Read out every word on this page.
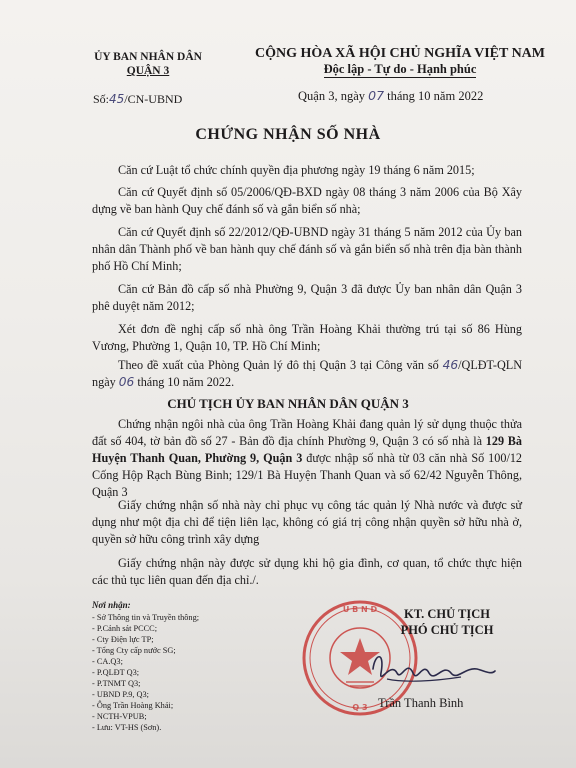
ỦY BAN NHÂN DÂN
QUẬN 3
CỘNG HÒA XÃ HỘI CHỦ NGHĨA VIỆT NAM
Độc lập - Tự do - Hạnh phúc
Số:45/CN-UBND	Quận 3, ngày 07 tháng 10 năm 2022
CHỨNG NHẬN SỐ NHÀ
Căn cứ Luật tổ chức chính quyền địa phương ngày 19 tháng 6 năm 2015;
Căn cứ Quyết định số 05/2006/QĐ-BXD ngày 08 tháng 3 năm 2006 của Bộ Xây dựng về ban hành Quy chế đánh số và gắn biển số nhà;
Căn cứ Quyết định số 22/2012/QĐ-UBND ngày 31 tháng 5 năm 2012 của Ủy ban nhân dân Thành phố về ban hành quy chế đánh số và gắn biển số nhà trên địa bàn thành phố Hồ Chí Minh;
Căn cứ Bản đồ cấp số nhà Phường 9, Quận 3 đã được Ủy ban nhân dân Quận 3 phê duyệt năm 2012;
Xét đơn đề nghị cấp số nhà ông Trần Hoàng Khải thường trú tại số 86 Hùng Vương, Phường 1, Quận 10, TP. Hồ Chí Minh;
Theo đề xuất của Phòng Quản lý đô thị Quận 3 tại Công văn số 46/QLĐT-QLN ngày 06 tháng 10 năm 2022.
CHỦ TỊCH ỦY BAN NHÂN DÂN QUẬN 3
Chứng nhận ngôi nhà của ông Trần Hoàng Khải đang quản lý sử dụng thuộc thửa đất số 404, tờ bản đồ số 27 - Bản đồ địa chính Phường 9, Quận 3 có số nhà là 129 Bà Huyện Thanh Quan, Phường 9, Quận 3 được nhập số nhà từ 03 căn nhà Số 100/12 Cống Hộp Rạch Bùng Binh; 129/1 Bà Huyện Thanh Quan và số 62/42 Nguyễn Thông, Quận 3
Giấy chứng nhận số nhà này chỉ phục vụ công tác quản lý Nhà nước và được sử dụng như một địa chỉ để tiện liên lạc, không có giá trị công nhận quyền sở hữu nhà ở, quyền sở hữu công trình xây dựng
Giấy chứng nhận này được sử dụng khi hộ gia đình, cơ quan, tổ chức thực hiện các thủ tục liên quan đến địa chỉ./.
Nơi nhận:
- Sở Thông tin và Truyền thông;
- P.Cảnh sát PCCC;
- Cty Điện lực TP;
- Tổng Cty cấp nước SG;
- CA.Q3;
- P.QLĐT Q3;
- P.TNMT Q3;
- UBND P.9, Q3;
- Ông Trần Hoàng Khải;
- NCTH-VPUB;
- Lưu: VT-HS (Sơn).
U B N D
Q 3
KT. CHỦ TỊCH
PHÓ CHỦ TỊCH
Trần Thanh Bình
